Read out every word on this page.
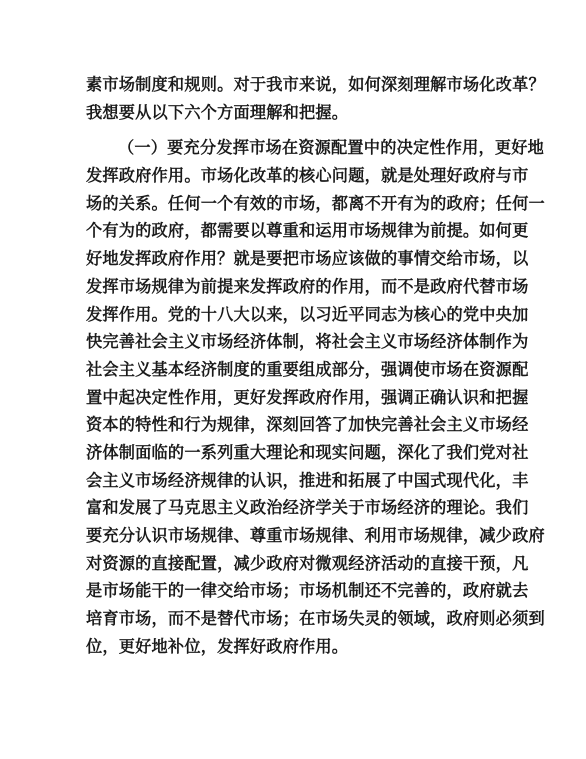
素市场制度和规则。对于我市来说，如何深刻理解市场化改革？
我想要从以下六个方面理解和把握。
（一）要充分发挥市场在资源配置中的决定性作用，更好地
发挥政府作用。市场化改革的核心问题，就是处理好政府与市
场的关系。任何一个有效的市场，都离不开有为的政府；任何一
个有为的政府，都需要以尊重和运用市场规律为前提。如何更
好地发挥政府作用？就是要把市场应该做的事情交给市场，以
发挥市场规律为前提来发挥政府的作用，而不是政府代替市场
发挥作用。党的十八大以来，以习近平同志为核心的党中央加
快完善社会主义市场经济体制，将社会主义市场经济体制作为
社会主义基本经济制度的重要组成部分，强调使市场在资源配
置中起决定性作用，更好发挥政府作用，强调正确认识和把握
资本的特性和行为规律，深刻回答了加快完善社会主义市场经
济体制面临的一系列重大理论和现实问题，深化了我们党对社
会主义市场经济规律的认识，推进和拓展了中国式现代化，丰
富和发展了马克思主义政治经济学关于市场经济的理论。我们
要充分认识市场规律、尊重市场规律、利用市场规律，减少政府
对资源的直接配置，减少政府对微观经济活动的直接干预，凡
是市场能干的一律交给市场；市场机制还不完善的，政府就去
培育市场，而不是替代市场；在市场失灵的领域，政府则必须到
位，更好地补位，发挥好政府作用。
